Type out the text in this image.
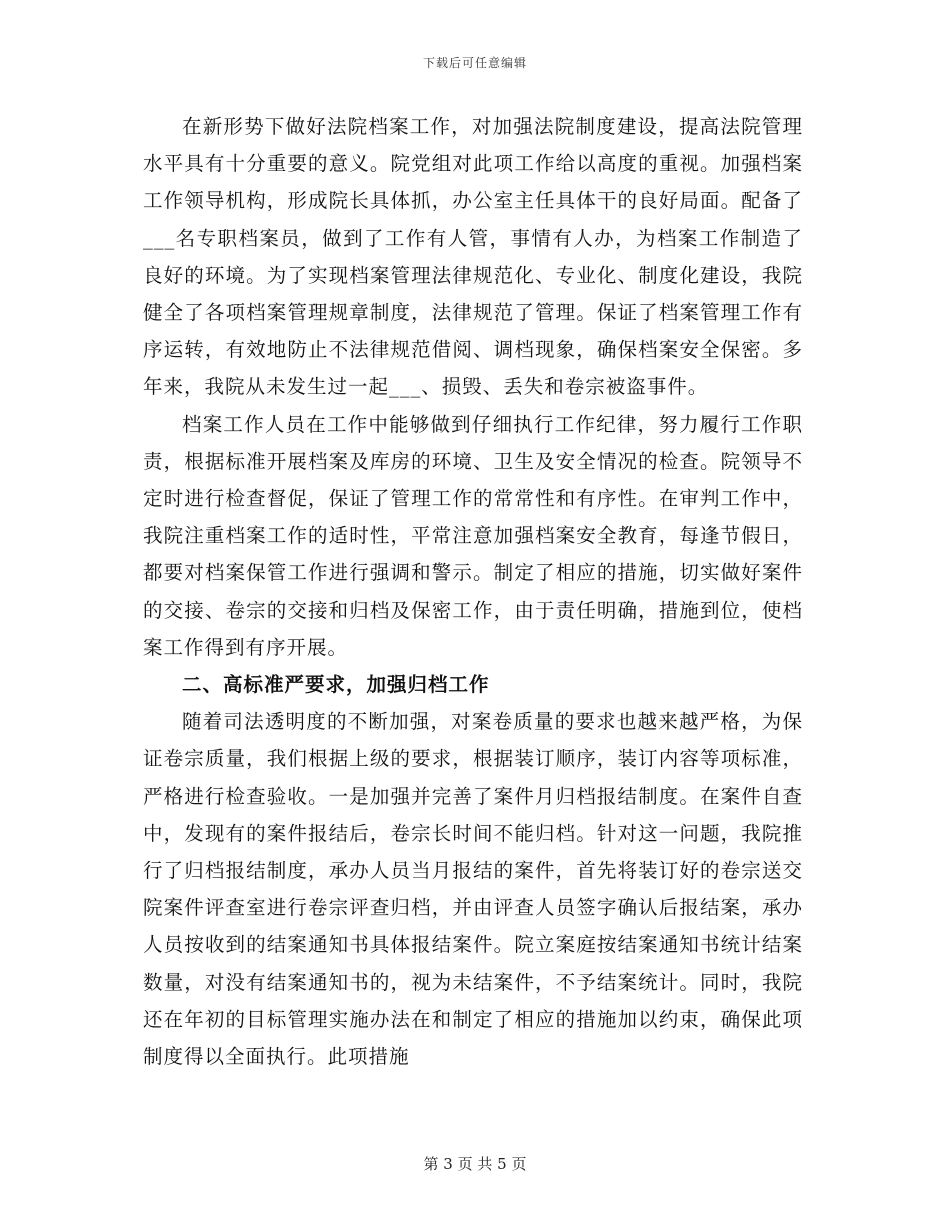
下载后可任意编辑

在新形势下做好法院档案工作，对加强法院制度建设，提高法院管理水平具有十分重要的意义。院党组对此项工作给以高度的重视。加强档案工作领导机构，形成院长具体抓，办公室主任具体干的良好局面。配备了___名专职档案员，做到了工作有人管，事情有人办，为档案工作制造了良好的环境。为了实现档案管理法律规范化、专业化、制度化建设，我院健全了各项档案管理规章制度，法律规范了管理。保证了档案管理工作有序运转，有效地防止不法律规范借阅、调档现象，确保档案安全保密。多年来，我院从未发生过一起___、损毁、丢失和卷宗被盗事件。

档案工作人员在工作中能够做到仔细执行工作纪律，努力履行工作职责，根据标准开展档案及库房的环境、卫生及安全情况的检查。院领导不定时进行检查督促，保证了管理工作的常常性和有序性。在审判工作中，我院注重档案工作的适时性，平常注意加强档案安全教育，每逢节假日，都要对档案保管工作进行强调和警示。制定了相应的措施，切实做好案件的交接、卷宗的交接和归档及保密工作，由于责任明确，措施到位，使档案工作得到有序开展。

二、高标准严要求，加强归档工作

随着司法透明度的不断加强，对案卷质量的要求也越来越严格，为保证卷宗质量，我们根据上级的要求，根据装订顺序，装订内容等项标准，严格进行检查验收。一是加强并完善了案件月归档报结制度。在案件自查中，发现有的案件报结后，卷宗长时间不能归档。针对这一问题，我院推行了归档报结制度，承办人员当月报结的案件，首先将装订好的卷宗送交院案件评查室进行卷宗评查归档，并由评查人员签字确认后报结案，承办人员按收到的结案通知书具体报结案件。院立案庭按结案通知书统计结案数量，对没有结案通知书的，视为未结案件，不予结案统计。同时，我院还在年初的目标管理实施办法在和制定了相应的措施加以约束，确保此项制度得以全面执行。此项措施

第 3 页 共 5 页
